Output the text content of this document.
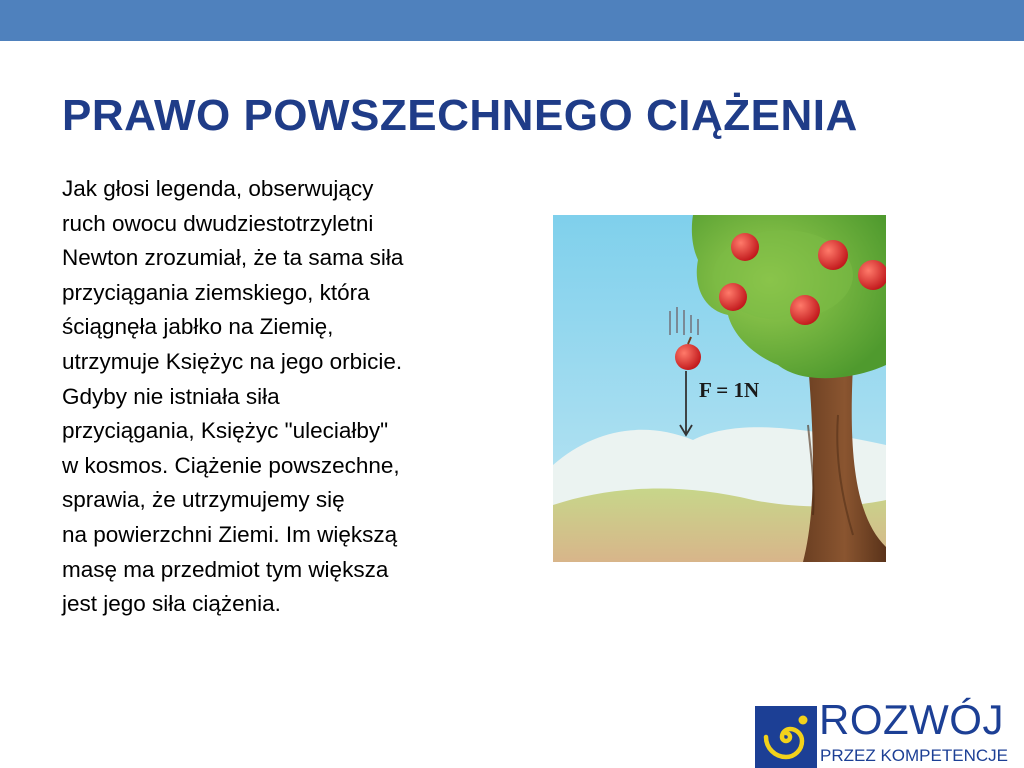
PRAWO POWSZECHNEGO CIĄŻENIA
Jak głosi legenda, obserwujący
ruch owocu dwudziestotrzyletni
Newton zrozumiał, że ta sama siła
przyciągania ziemskiego, która
ściągnęła jabłko na Ziemię,
utrzymuje Księżyc na jego orbicie.
Gdyby nie istniała siła
przyciągania, Księżyc "uleciałby"
w kosmos. Ciążenie powszechne,
sprawia, że utrzymujemy się
na powierzchni Ziemi. Im większą
masę ma przedmiot tym większa
jest jego siła ciążenia.
F = 1N
ROZWÓJ
PRZEZ KOMPETENCJE
